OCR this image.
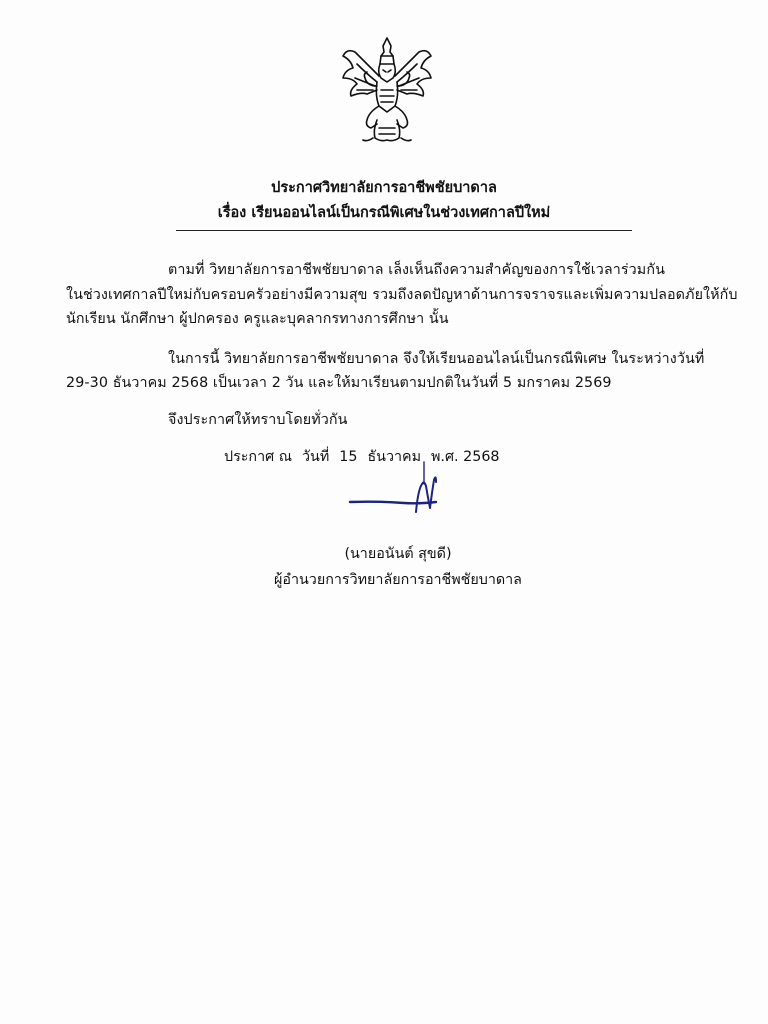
ประกาศวิทยาลัยการอาชีพชัยบาดาล
เรื่อง เรียนออนไลน์เป็นกรณีพิเศษในช่วงเทศกาลปีใหม่
ตามที่ วิทยาลัยการอาชีพชัยบาดาล เล็งเห็นถึงความสำคัญของการใช้เวลาร่วมกัน
ในช่วงเทศกาลปีใหม่กับครอบครัวอย่างมีความสุข รวมถึงลดปัญหาด้านการจราจรและเพิ่มความปลอดภัยให้กับ
นักเรียน นักศึกษา ผู้ปกครอง ครูและบุคลากรทางการศึกษา นั้น
ในการนี้ วิทยาลัยการอาชีพชัยบาดาล จึงให้เรียนออนไลน์เป็นกรณีพิเศษ ในระหว่างวันที่
29-30 ธันวาคม 2568 เป็นเวลา 2 วัน และให้มาเรียนตามปกติในวันที่ 5 มกราคม 2569
จึงประกาศให้ทราบโดยทั่วกัน
ประกาศ ณ วันที่ 15 ธันวาคม พ.ศ. 2568
(นายอนันต์ สุขดี)
ผู้อำนวยการวิทยาลัยการอาชีพชัยบาดาล
